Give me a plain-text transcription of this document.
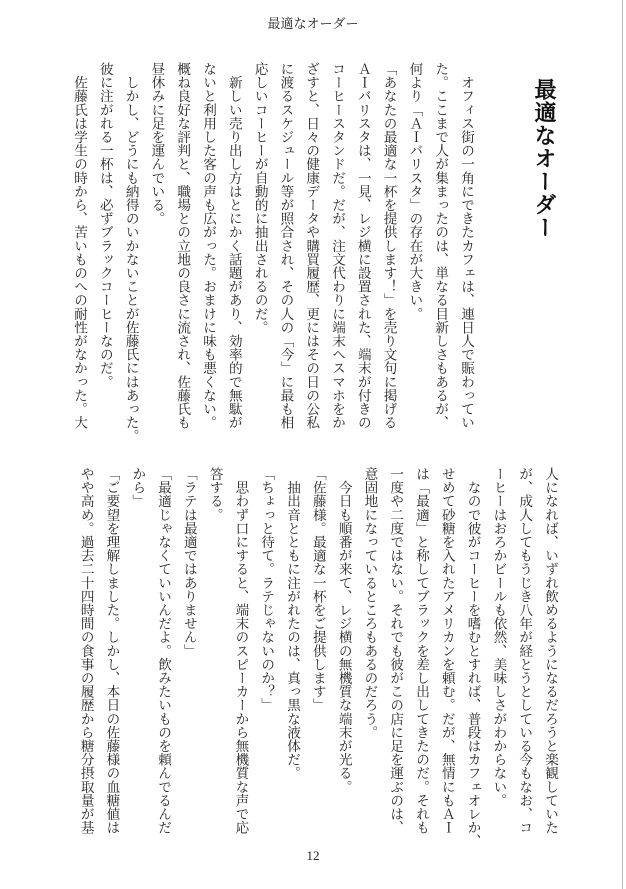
最適なオーダー
最適なオーダー
　オフィス街の一角にできたカフェは、連日人で賑わってい
た。ここまで人が集まったのは、単なる目新しさもあるが、
何より「ＡＩバリスタ」の存在が大きい。
「あなたの最適な一杯を提供します！」を売り文句に掲げる
ＡＩバリスタは、一見、レジ横に設置された、端末が付きの
コーヒースタンドだ。だが、注文代わりに端末へスマホをか
ざすと、日々の健康データや購買履歴、更にはその日の公私
に渡るスケジュール等が照合され、その人の「今」に最も相
応しいコーヒーが自動的に抽出されるのだ。
　新しい売り出し方はとにかく話題があり、効率的で無駄が
ないと利用した客の声も広がった。おまけに味も悪くない。
概ね良好な評判と、職場との立地の良さに流され、佐藤氏も
昼休みに足を運んでいる。
　しかし、どうにも納得のいかないことが佐藤氏にはあった。
彼に注がれる一杯は、必ずブラックコーヒーなのだ。
　佐藤氏は学生の時から、苦いものへの耐性がなかった。大
人になれば、いずれ飲めるようになるだろうと楽観していた
が、成人してもうじき八年が経とうとしている今もなお、コ
ーヒーはおろかビールも依然、美味しさがわからない。
　なので彼がコーヒーを嗜むとすれば、普段はカフェオレか、
せめて砂糖を入れたアメリカンを頼む。だが、無情にもＡＩ
は「最適」と称してブラックを差し出してきたのだ。それも
一度や二度ではない。それでも彼がこの店に足を運ぶのは、
意固地になっているところもあるのだろう。
　今日も順番が来て、レジ横の無機質な端末が光る。
「佐藤様。最適な一杯をご提供します」
　抽出音とともに注がれたのは、真っ黒な液体だ。
「ちょっと待て。ラテじゃないのか？」
　思わず口にすると、端末のスピーカーから無機質な声で応
答する。
「ラテは最適ではありません」
「最適じゃなくていいんだよ。飲みたいものを頼んでるんだ
から」
「ご要望を理解しました。しかし、本日の佐藤様の血糖値は
やや高め。過去二十四時間の食事の履歴から糖分摂取量が基
12
